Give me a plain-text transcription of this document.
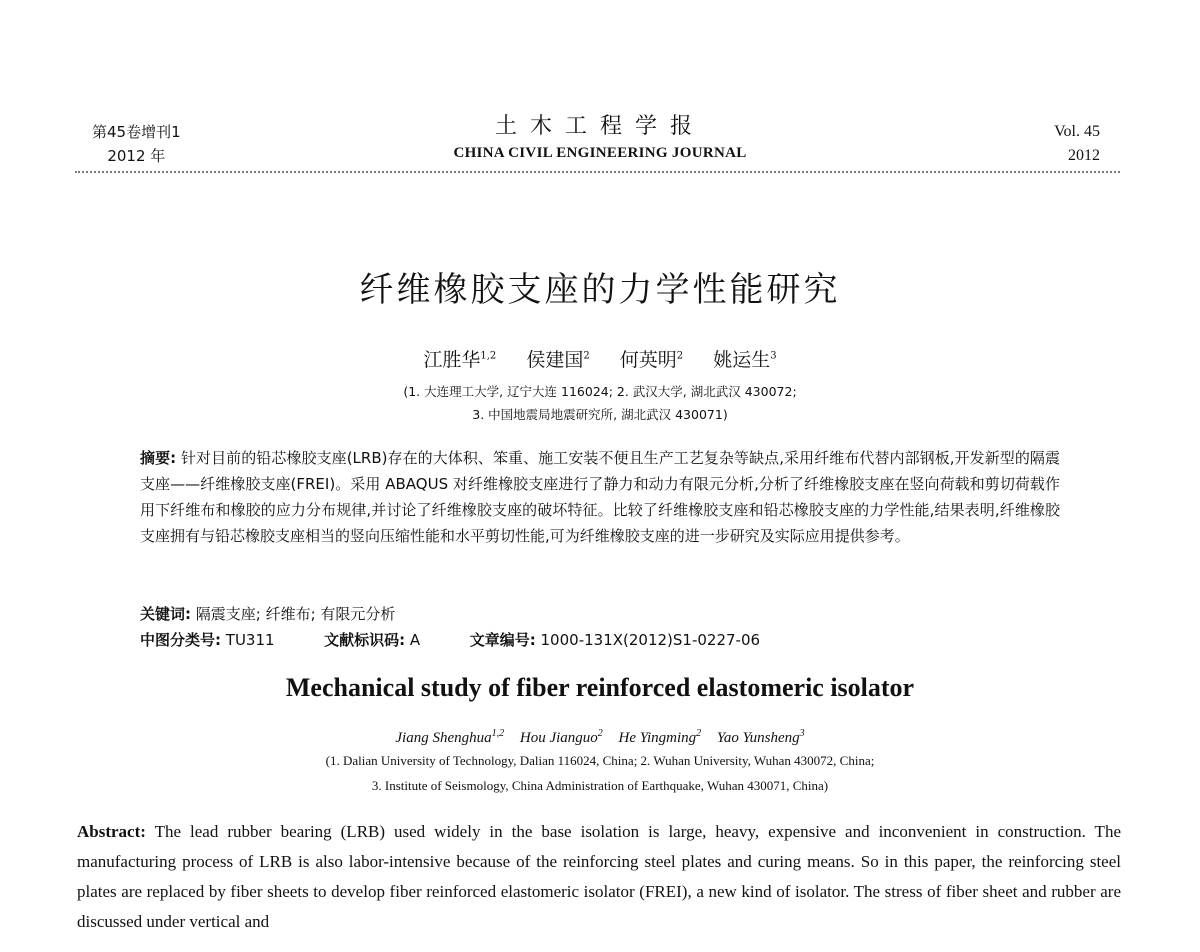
第45卷增刊1
2012 年
土木工程学报
CHINA CIVIL ENGINEERING JOURNAL
Vol. 45
2012
纤维橡胶支座的力学性能研究
江胜华$^{1,2}$ 侯建国$^2$ 何英明$^2$ 姚运生$^3$
(1. 大连理工大学, 辽宁大连 116024; 2. 武汉大学, 湖北武汉 430072;
3. 中国地震局地震研究所, 湖北武汉 430071)
摘要: 针对目前的铅芯橡胶支座(LRB)存在的大体积、笨重、施工安装不便且生产工艺复杂等缺点,采用纤维布代替内部钢板,开发新型的隔震支座——纤维橡胶支座(FREI)。采用 ABAQUS 对纤维橡胶支座进行了静力和动力有限元分析,分析了纤维橡胶支座在竖向荷载和剪切荷载作用下纤维布和橡胶的应力分布规律,并讨论了纤维橡胶支座的破坏特征。比较了纤维橡胶支座和铅芯橡胶支座的力学性能,结果表明,纤维橡胶支座拥有与铅芯橡胶支座相当的竖向压缩性能和水平剪切性能,可为纤维橡胶支座的进一步研究及实际应用提供参考。
关键词: 隔震支座; 纤维布; 有限元分析
中图分类号: TU311	文献标识码: A	文章编号: 1000-131X(2012)S1-0227-06
Mechanical study of fiber reinforced elastomeric isolator
Jiang Shenghua$^{1,2}$ Hou Jianguo$^2$ He Yingming$^2$ Yao Yunsheng$^3$
(1. Dalian University of Technology, Dalian 116024, China; 2. Wuhan University, Wuhan 430072, China;
3. Institute of Seismology, China Administration of Earthquake, Wuhan 430071, China)
Abstract: The lead rubber bearing (LRB) used widely in the base isolation is large, heavy, expensive and inconvenient in construction. The manufacturing process of LRB is also labor-intensive because of the reinforcing steel plates and curing means. So in this paper, the reinforcing steel plates are replaced by fiber sheets to develop fiber reinforced elastomeric isolator (FREI), a new kind of isolator. The stress of fiber sheet and rubber are discussed under vertical and
